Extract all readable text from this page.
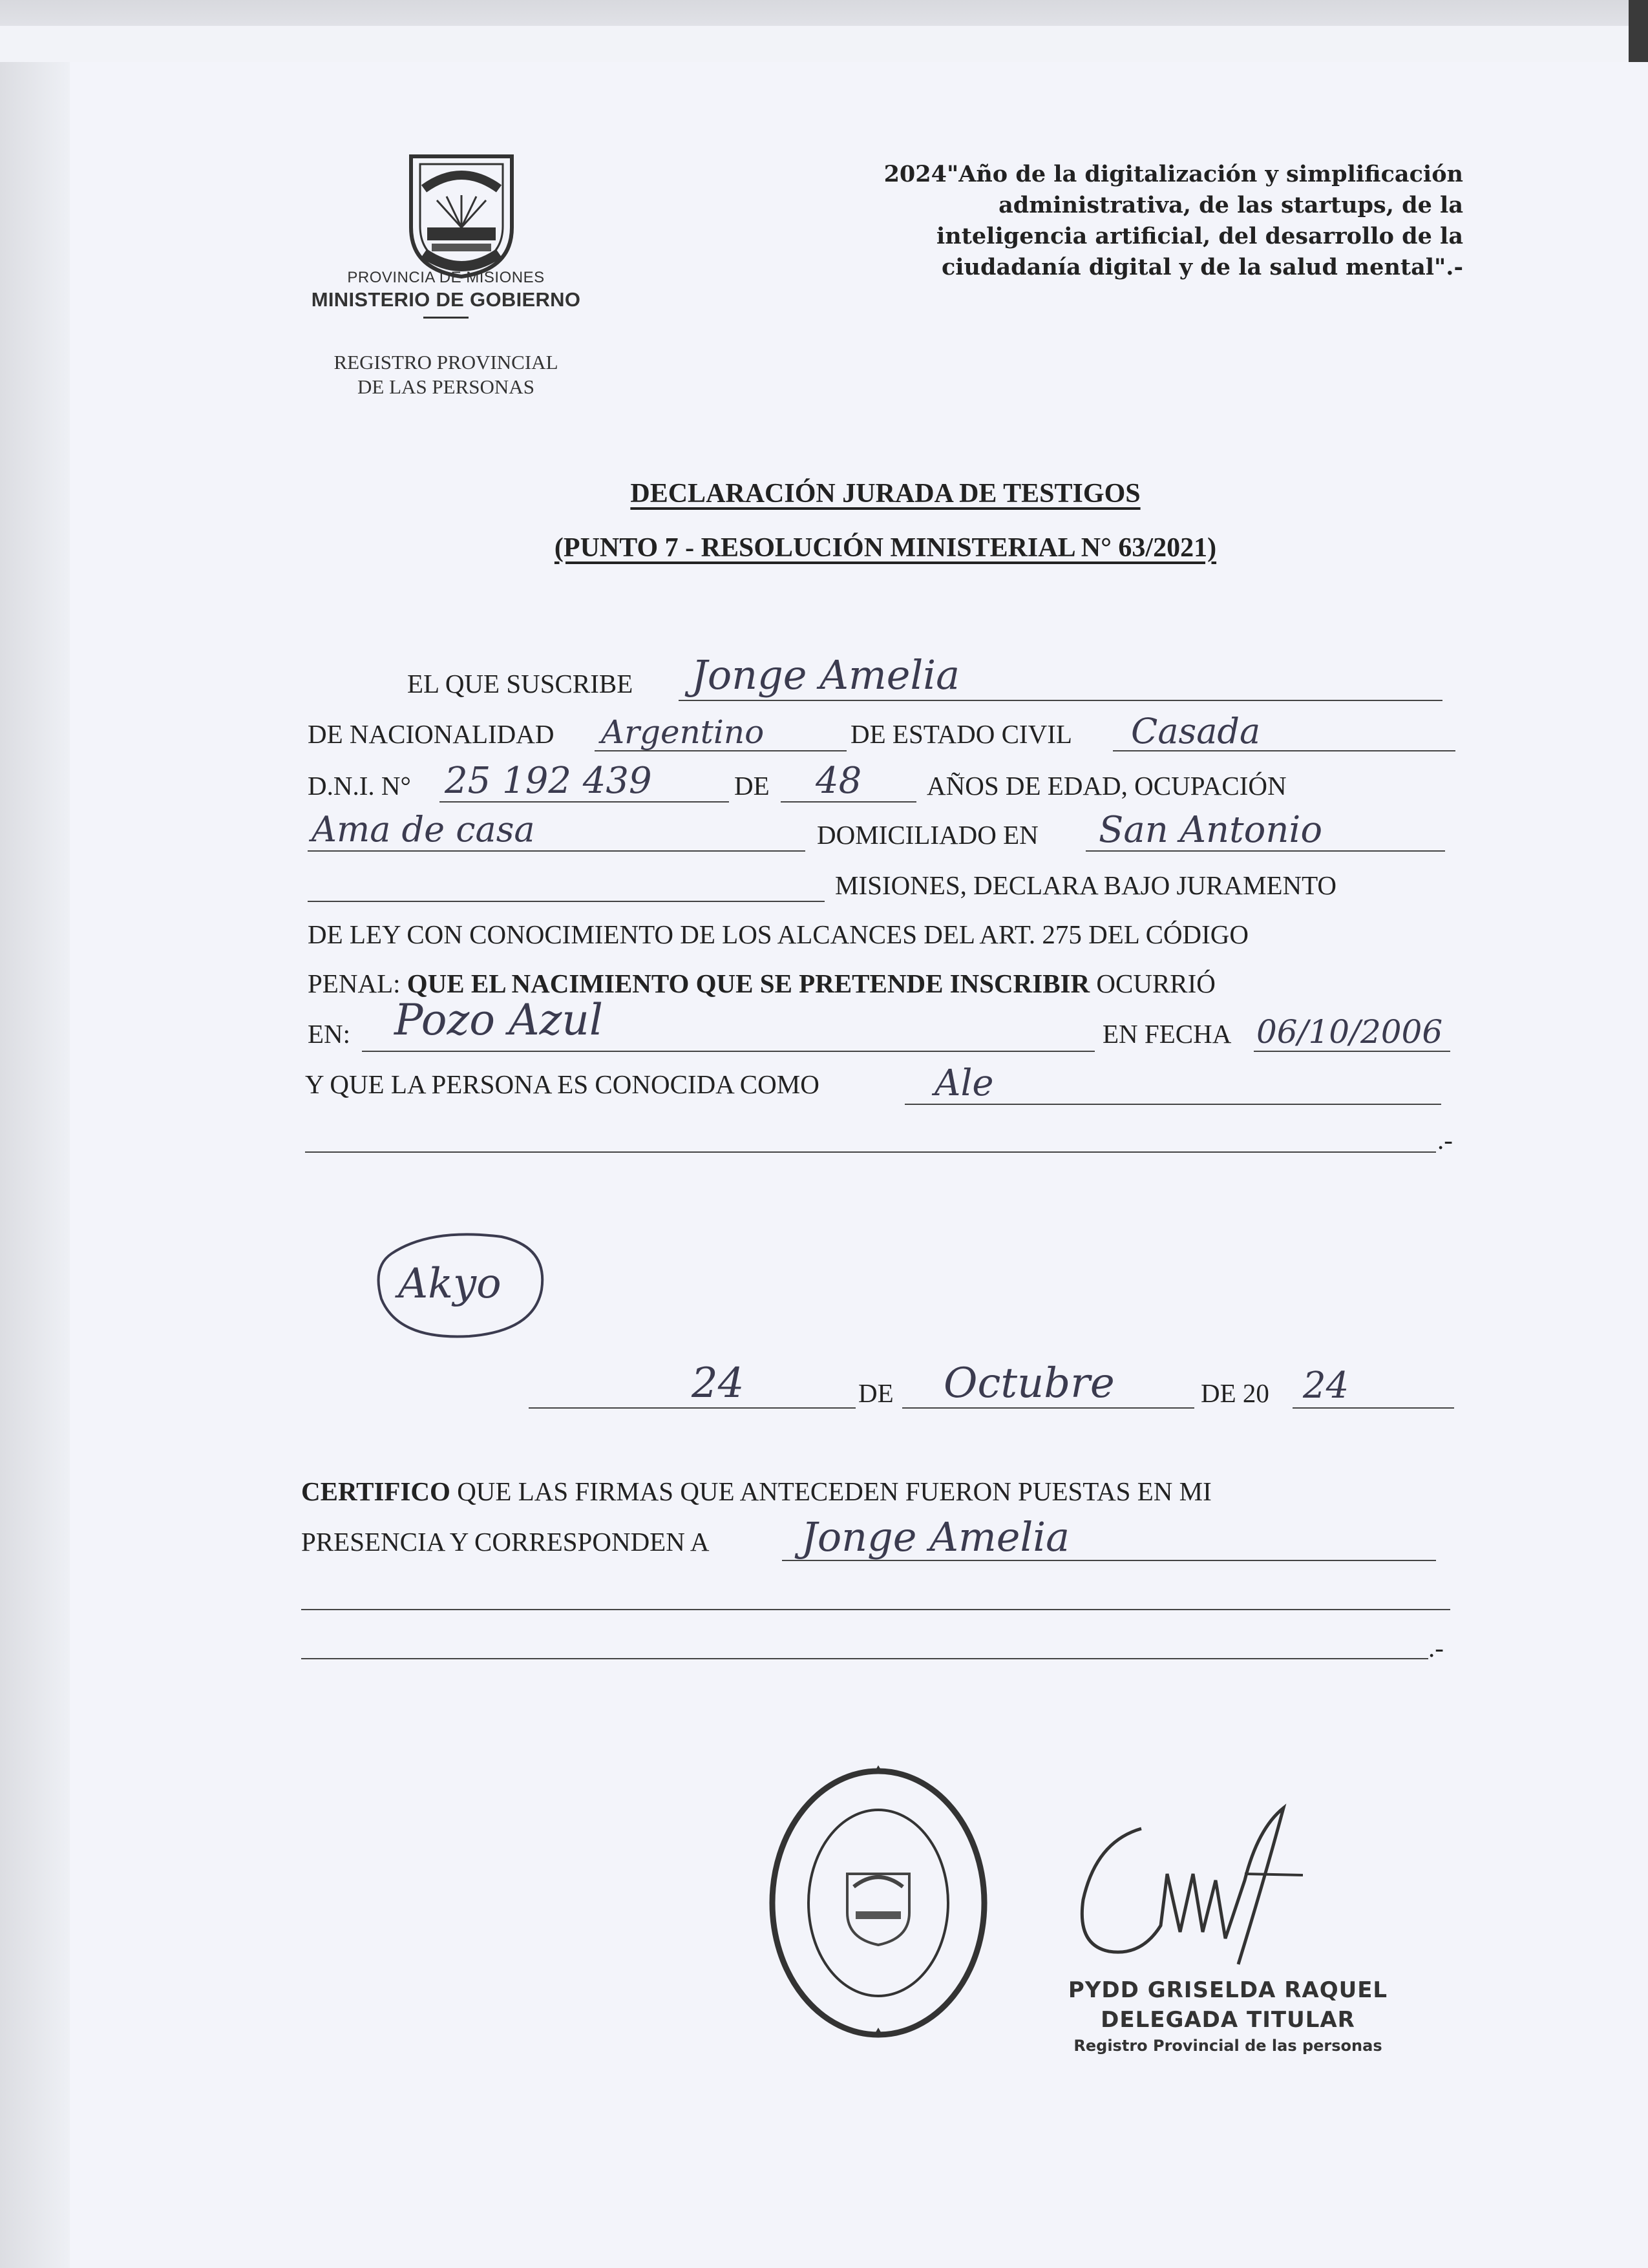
PROVINCIA DE MISIONES
MINISTERIO DE GOBIERNO
REGISTRO PROVINCIAL
DE LAS PERSONAS
2024"Año de la digitalización y simplificación
administrativa, de las startups, de la
inteligencia artificial, del desarrollo de la
ciudadanía digital y de la salud mental".-
DECLARACIÓN JURADA DE TESTIGOS
(PUNTO 7 - RESOLUCIÓN MINISTERIAL N° 63/2021)
EL QUE SUSCRIBE Jonge Amelia
DE NACIONALIDAD Argentino	DE ESTADO CIVIL Casada
D.N.I. N° 25 192 439	DE 48 AÑOS DE EDAD, OCUPACIÓN
Ama de casa	DOMICILIADO EN San Antonio
MISIONES, DECLARA BAJO JURAMENTO
DE LEY CON CONOCIMIENTO DE LOS ALCANCES DEL ART. 275 DEL CÓDIGO
PENAL: QUE EL NACIMIENTO QUE SE PRETENDE INSCRIBIR OCURRIÓ
EN: Pozo Azul	EN FECHA 06/10/2006
Y QUE LA PERSONA ES CONOCIDA COMO	Ale
.-
Akyo
24	DE Octubre	DE 20 24
CERTIFICO QUE LAS FIRMAS QUE ANTECEDEN FUERON PUESTAS EN MI
PRESENCIA Y CORRESPONDEN A Jonge Amelia
.-
PYDD GRISELDA RAQUEL
DELEGADA TITULAR
Registro Provincial de las personas
